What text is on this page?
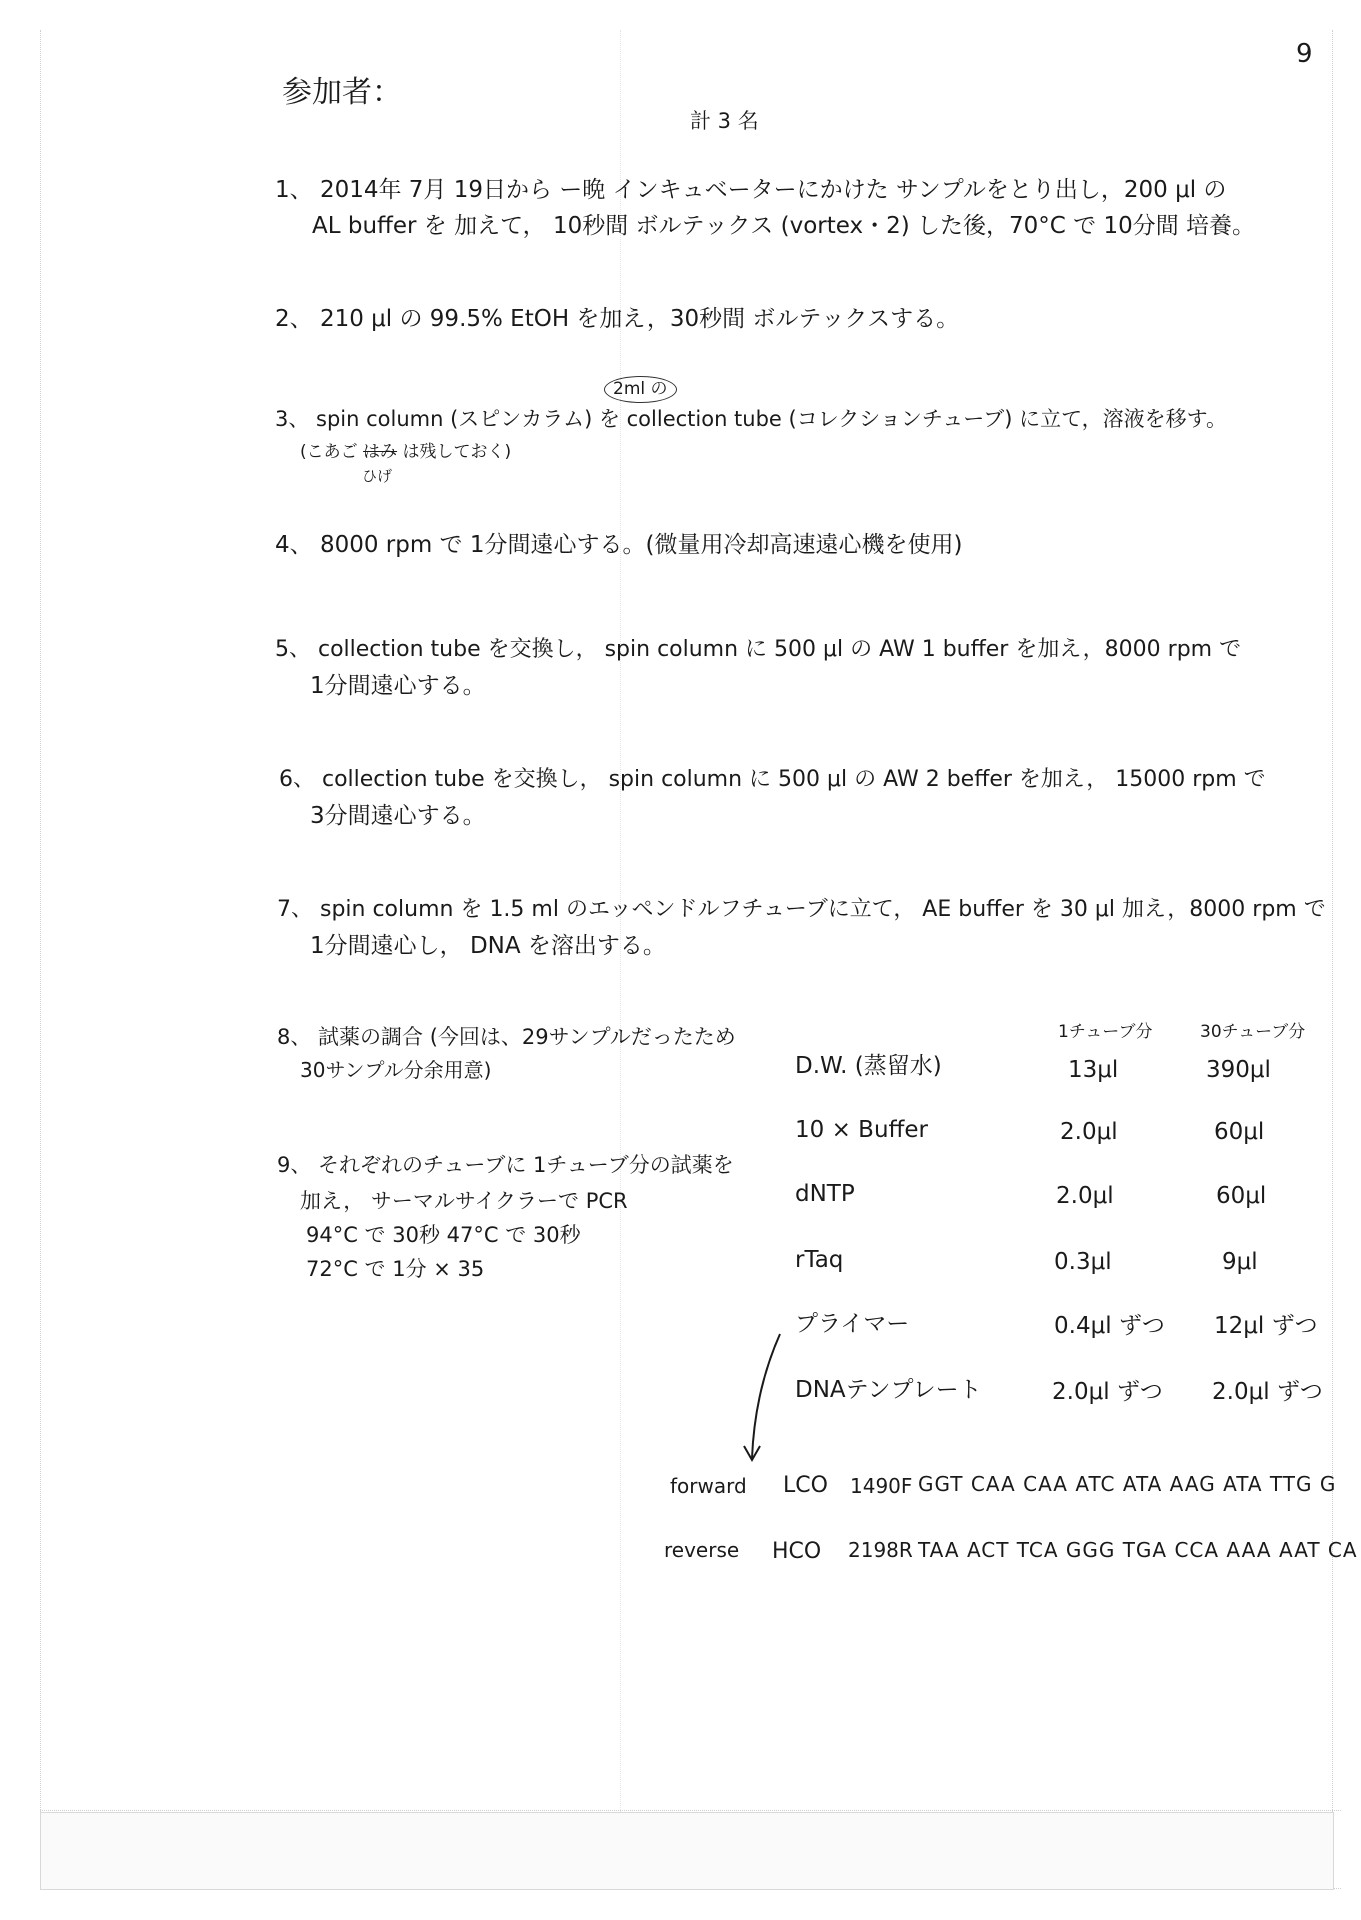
9
参加者：
計 3 名
1、 2014年 7月 19日から ー晩 インキュベーターにかけた サンプルをとり出し，200 μl の
AL buffer を 加えて， 10秒間 ボルテックス (vortex・2) した後，70°C で 10分間 培養。
2、 210 μl の 99.5% EtOH を加え，30秒間 ボルテックスする。
2ml の
3、 spin column (スピンカラム) を collection tube (コレクションチューブ) に立て，溶液を移す。
(こあご はみ は残しておく)
ひげ
4、 8000 rpm で 1分間遠心する。(微量用冷却高速遠心機を使用)
5、 collection tube を交換し， spin column に 500 μl の AW 1 buffer を加え，8000 rpm で
1分間遠心する。
6、 collection tube を交換し， spin column に 500 μl の AW 2 beffer を加え， 15000 rpm で
3分間遠心する。
7、 spin column を 1.5 ml のエッペンドルフチューブに立て， AE buffer を 30 μl 加え，8000 rpm で
1分間遠心し， DNA を溶出する。
8、 試薬の調合 (今回は、29サンプルだったため
30サンプル分余用意)
9、 それぞれのチューブに 1チューブ分の試薬を
加え， サーマルサイクラーで PCR
94°C で 30秒 47°C で 30秒
72°C で 1分 × 35
1チューブ分	30チューブ分
D.W. (蒸留水)	13μl	390μl
10 × Buffer	2.0μl	60μl
dNTP	2.0μl	60μl
rTaq	0.3μl	9μl
プライマー	0.4μl ずつ 12μl ずつ
DNAテンプレート	2.0μl ずつ 2.0μl ずつ
forward LCO 1490F GGT CAA CAA ATC ATA AAG ATA TTG G
reverse HCO 2198R TAA ACT TCA GGG TGA CCA AAA AAT CA
